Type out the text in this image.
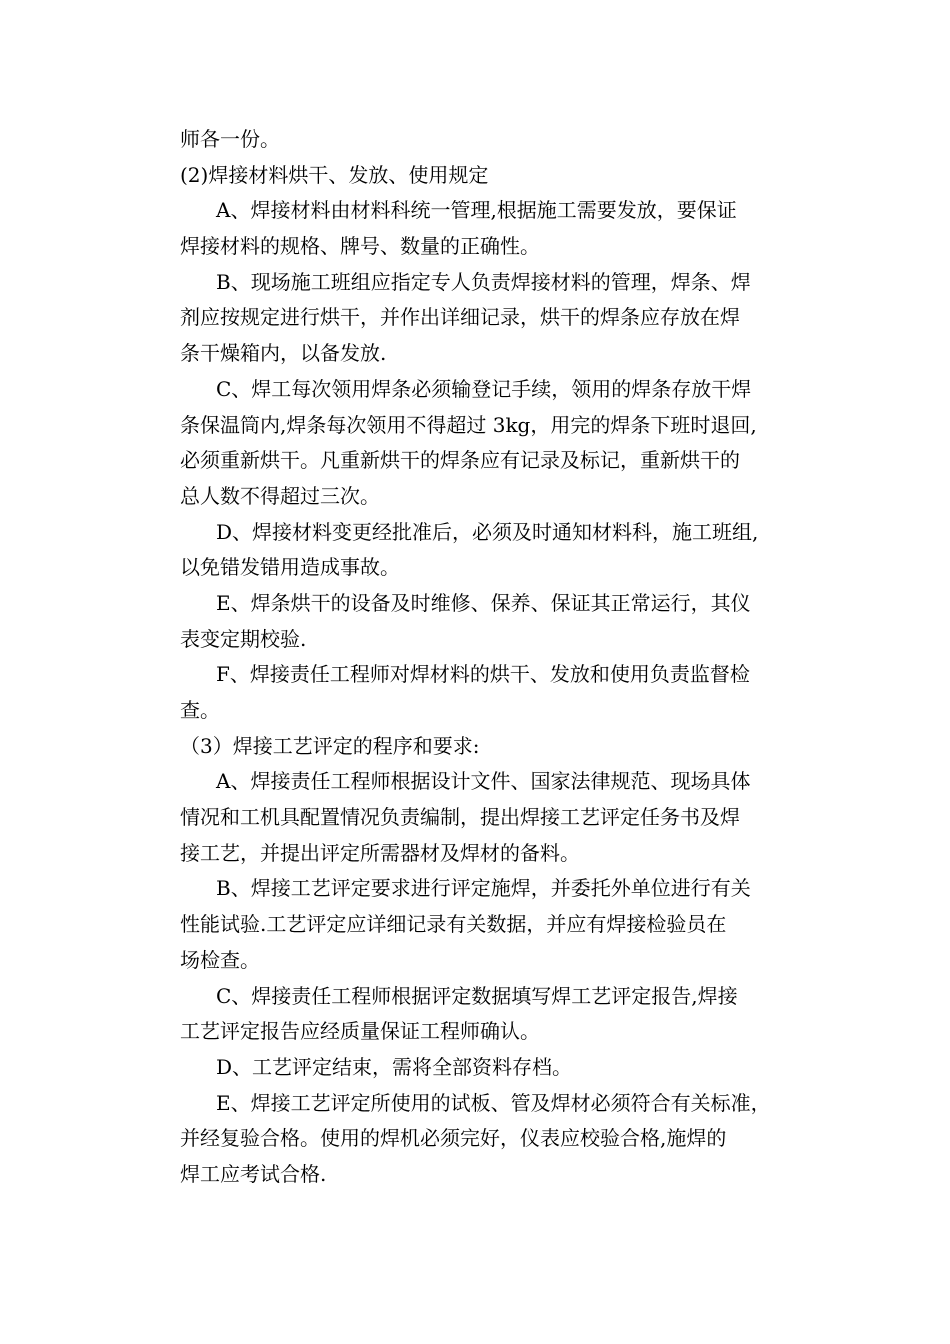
师各一份。
(2)焊接材料烘干、发放、使用规定
A、焊接材料由材料科统一管理,根据施工需要发放，要保证
焊接材料的规格、牌号、数量的正确性。
B、现场施工班组应指定专人负责焊接材料的管理，焊条、焊
剂应按规定进行烘干，并作出详细记录，烘干的焊条应存放在焊
条干燥箱内，以备发放.
C、焊工每次领用焊条必须输登记手续，领用的焊条存放干焊
条保温筒内,焊条每次领用不得超过 3kg，用完的焊条下班时退回,
必须重新烘干。凡重新烘干的焊条应有记录及标记，重新烘干的
总人数不得超过三次。
D、焊接材料变更经批准后，必须及时通知材料科，施工班组,
以免错发错用造成事故。
E、焊条烘干的设备及时维修、保养、保证其正常运行，其仪
表变定期校验.
F、焊接责任工程师对焊材料的烘干、发放和使用负责监督检
查。
（3）焊接工艺评定的程序和要求:
A、焊接责任工程师根据设计文件、国家法律规范、现场具体
情况和工机具配置情况负责编制，提出焊接工艺评定任务书及焊
接工艺，并提出评定所需器材及焊材的备料。
B、焊接工艺评定要求进行评定施焊，并委托外单位进行有关
性能试验.工艺评定应详细记录有关数据，并应有焊接检验员在
场检查。
C、焊接责任工程师根据评定数据填写焊工艺评定报告,焊接
工艺评定报告应经质量保证工程师确认。
D、工艺评定结束，需将全部资料存档。
E、焊接工艺评定所使用的试板、管及焊材必须符合有关标准，
并经复验合格。使用的焊机必须完好，仪表应校验合格,施焊的
焊工应考试合格.
